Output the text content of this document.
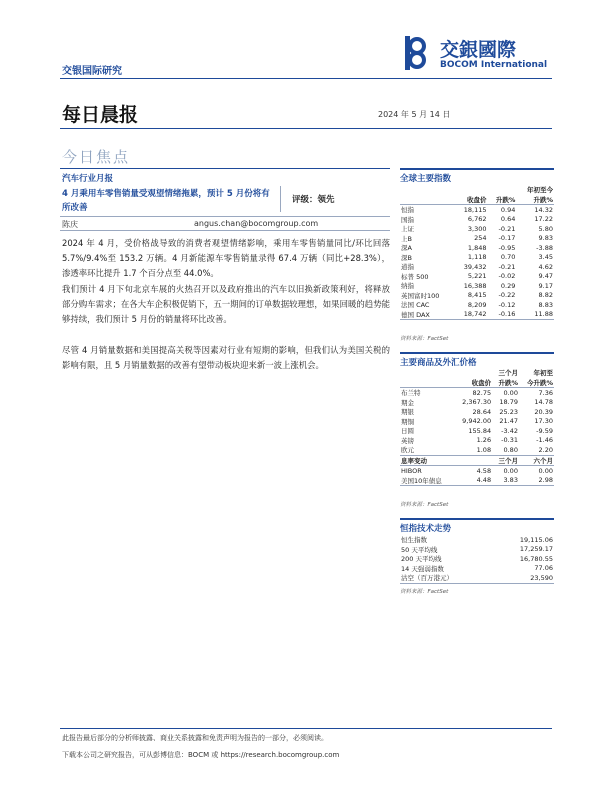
交銀國際
BOCOM International
交银国际研究
每日晨报	2024 年 5 月 14 日
今日焦点
汽车行业月报
4 月乘用车零售销量受观望情绪拖累，预计 5 月份将有所改善
评级：领先
陈庆	angus.chan@bocomgroup.com
2024 年 4 月，受价格战导致的消费者观望情绪影响，乘用车零售销量同比/环比回落 5.7%/9.4%至 153.2 万辆。4 月新能源车零售销量录得 67.4 万辆（同比+28.3%），渗透率环比提升 1.7 个百分点至 44.0%。
我们预计 4 月下旬北京车展的火热召开以及政府推出的汽车以旧换新政策利好，将释放部分购车需求；在各大车企积极促销下，五一期间的订单数据较理想，如果回暖的趋势能够持续，我们预计 5 月份的销量将环比改善。
尽管 4 月销量数据和美国提高关税等因素对行业有短期的影响，但我们认为美国关税的影响有限，且 5 月销量数据的改善有望带动板块迎来新一波上涨机会。
全球主要指数
			年初至今
	收盘价	升跌%	升跌%
恒指	18,115	0.94	14.32
国指	6,762	0.64	17.22
上证	3,300	-0.21	5.80
上B	254	-0.17	9.83
深A	1,848	-0.95	-3.88
深B	1,118	0.70	3.45
道指	39,432	-0.21	4.62
标普 500	5,221	-0.02	9.47
纳指	16,388	0.29	9.17
英国富时100	8,415	-0.22	8.82
法国 CAC	8,209	-0.12	8.83
德国 DAX	18,742	-0.16	11.88
资料来源：FactSet
主要商品及外汇价格
		三个月	年初至
	收盘价	升跌%	今升跌%
布兰特	82.75	0.00	7.36
期金	2,367.30	18.79	14.78
期银	28.64	25.23	20.39
期铜	9,942.00	21.47	17.30
日圆	155.84	-3.42	-9.59
英镑	1.26	-0.31	-1.46
欧元	1.08	0.80	2.20
息率变动		三个月	六个月
HIBOR	4.58	0.00	0.00
美国10年债息	4.48	3.83	2.98
资料来源：FactSet
恒指技术走势
恒生指数	19,115.06
50 天平均线	17,259.17
200 天平均线	16,780.55
14 天强弱指数	77.06
沽空（百万港元）	23,590
资料来源：FactSet
此报告最后部分的分析师披露、商业关系披露和免责声明为报告的一部分，必须阅读。
下载本公司之研究报告，可从彭博信息：BOCM 或 https://research.bocomgroup.com
